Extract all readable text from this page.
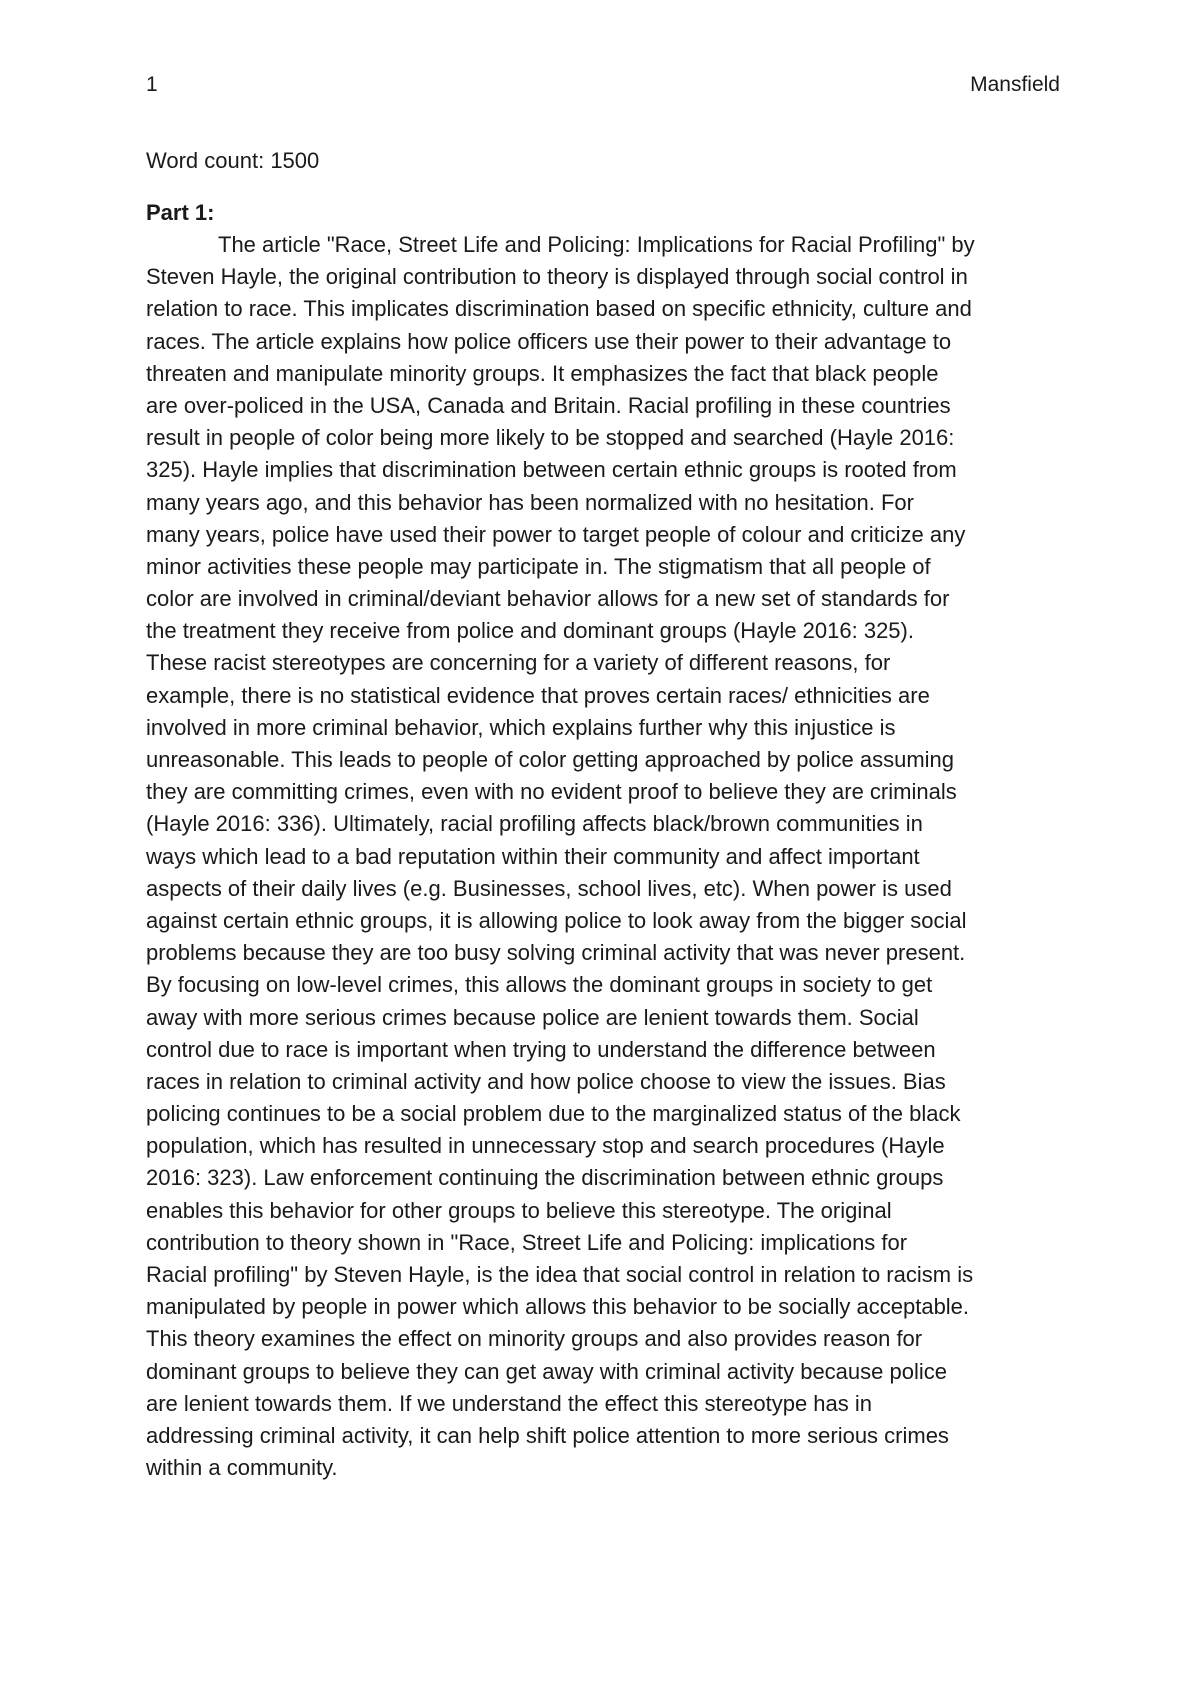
1	Mansfield

Word count: 1500

Part 1:

The article "Race, Street Life and Policing: Implications for Racial Profiling" by
Steven Hayle, the original contribution to theory is displayed through social control in
relation to race. This implicates discrimination based on specific ethnicity, culture and
races. The article explains how police officers use their power to their advantage to
threaten and manipulate minority groups. It emphasizes the fact that black people
are over-policed in the USA, Canada and Britain. Racial profiling in these countries
result in people of color being more likely to be stopped and searched (Hayle 2016:
325). Hayle implies that discrimination between certain ethnic groups is rooted from
many years ago, and this behavior has been normalized with no hesitation. For
many years, police have used their power to target people of colour and criticize any
minor activities these people may participate in. The stigmatism that all people of
color are involved in criminal/deviant behavior allows for a new set of standards for
the treatment they receive from police and dominant groups (Hayle 2016: 325).
These racist stereotypes are concerning for a variety of different reasons, for
example, there is no statistical evidence that proves certain races/ ethnicities are
involved in more criminal behavior, which explains further why this injustice is
unreasonable. This leads to people of color getting approached by police assuming
they are committing crimes, even with no evident proof to believe they are criminals
(Hayle 2016: 336). Ultimately, racial profiling affects black/brown communities in
ways which lead to a bad reputation within their community and affect important
aspects of their daily lives (e.g. Businesses, school lives, etc). When power is used
against certain ethnic groups, it is allowing police to look away from the bigger social
problems because they are too busy solving criminal activity that was never present.
By focusing on low-level crimes, this allows the dominant groups in society to get
away with more serious crimes because police are lenient towards them. Social
control due to race is important when trying to understand the difference between
races in relation to criminal activity and how police choose to view the issues. Bias
policing continues to be a social problem due to the marginalized status of the black
population, which has resulted in unnecessary stop and search procedures (Hayle
2016: 323). Law enforcement continuing the discrimination between ethnic groups
enables this behavior for other groups to believe this stereotype. The original
contribution to theory shown in "Race, Street Life and Policing: implications for
Racial profiling" by Steven Hayle, is the idea that social control in relation to racism is
manipulated by people in power which allows this behavior to be socially acceptable.
This theory examines the effect on minority groups and also provides reason for
dominant groups to believe they can get away with criminal activity because police
are lenient towards them. If we understand the effect this stereotype has in
addressing criminal activity, it can help shift police attention to more serious crimes
within a community.
